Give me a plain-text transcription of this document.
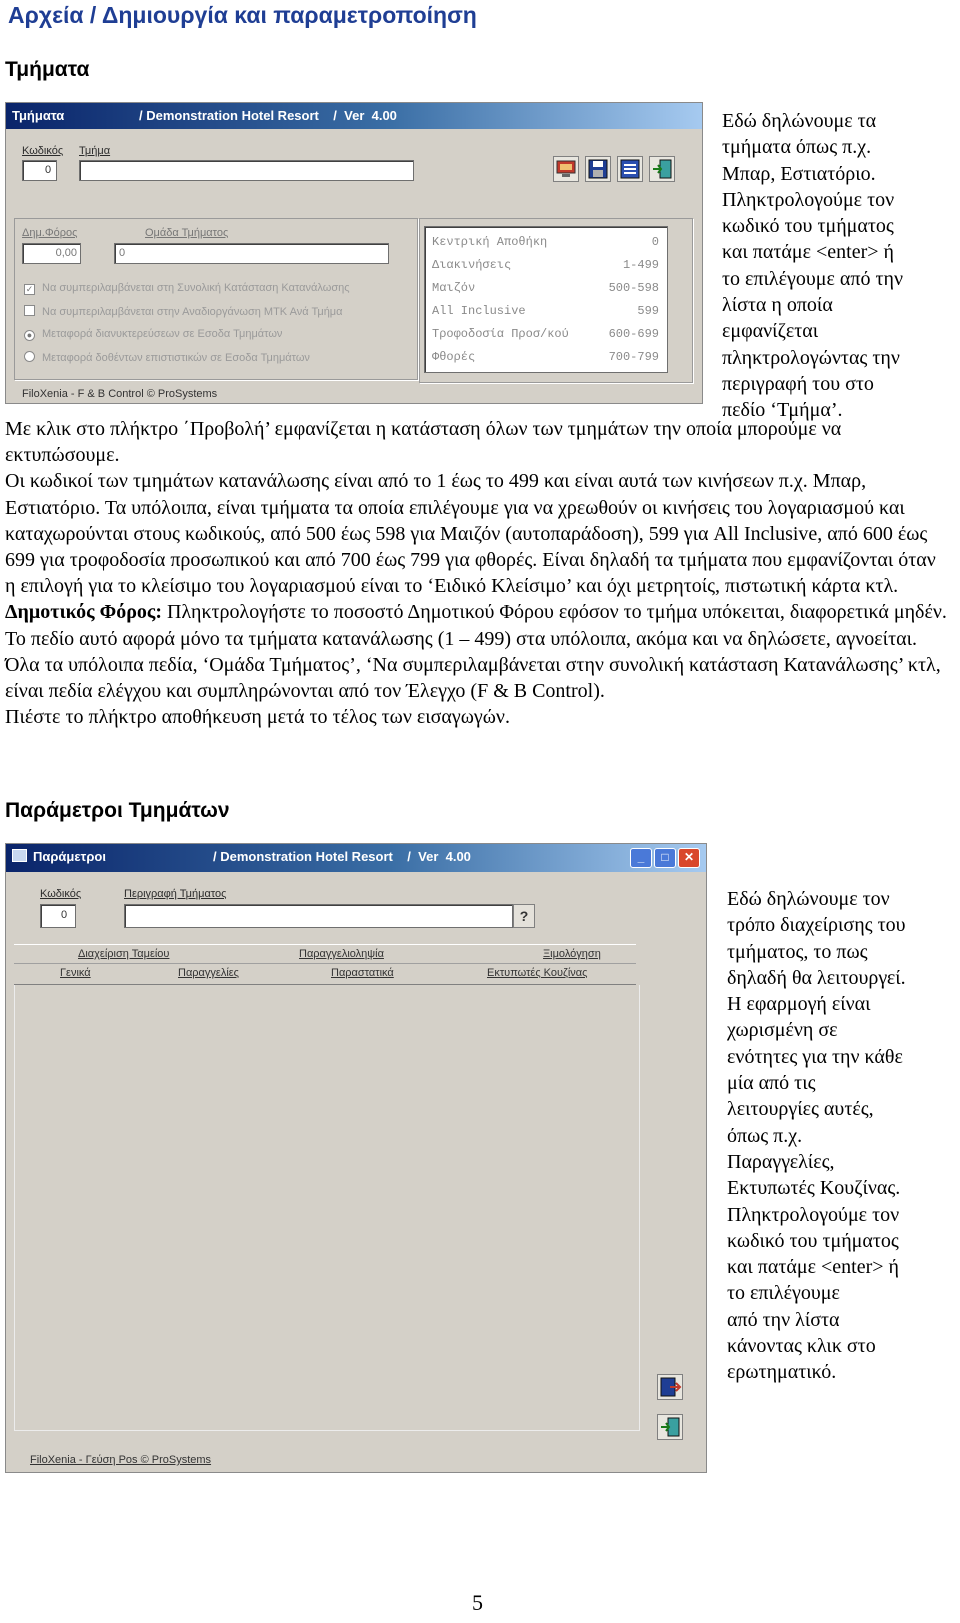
Αρχεία / Δημιουργία και παραμετροποίηση
Τμήματα
Τμήματα	/ Demonstration Hotel Resort    /  Ver  4.00
Κωδικός
0
Τμήμα
Δημ.Φόρος
0,00
Ομάδα Τμήματος
0
✓ Να συμπεριλαμβάνεται στη Συνολική Κατάσταση Κατανάλωσης
Να συμπεριλαμβάνεται στην Αναδιοργάνωση ΜΤΚ Ανά Τμήμα
● Μεταφορά διανυκτερεύσεων σε Εσοδα Τμημάτων
Μεταφορά δοθέντων επιστιστικών σε Εσοδα Τμημάτων
Κεντρική Αποθήκη	0
Διακινήσεις	1-499
Μαιζόν	500-598
All Inclusive	599
Τροφοδοσία Προσ/κού	600-699
Φθορές	700-799
FiloXenia - F & B Control © ProSystems
Εδώ δηλώνουμε τα
τμήματα όπως π.χ.
Μπαρ, Εστιατόριο.
Πληκτρολογούμε τον
κωδικό του τμήματος
και πατάμε <enter> ή
το επιλέγουμε από την
λίστα η οποία
εμφανίζεται
πληκτρολογώντας την
περιγραφή του στο
πεδίο ‘Τμήμα’.

Με κλικ στο πλήκτρο ΄Προβολή’ εμφανίζεται η κατάσταση όλων των τμημάτων την οποία μπορούμε να εκτυπώσουμε.

Οι κωδικοί των τμημάτων κατανάλωσης είναι από το 1 έως το 499 και είναι αυτά των κινήσεων π.χ. Μπαρ, Εστιατόριο. Τα υπόλοιπα, είναι τμήματα τα οποία επιλέγουμε για να χρεωθούν οι κινήσεις του λογαριασμού και καταχωρούνται στους κωδικούς, από 500 έως 598 για Μαιζόν (αυτοπαράδοση), 599 για All Inclusive, από 600 έως 699 για τροφοδοσία προσωπικού και από 700 έως 799 για φθορές. Είναι δηλαδή τα τμήματα που εμφανίζονται όταν η επιλογή για το κλείσιμο του λογαριασμού είναι το ‘Ειδικό Κλείσιμο’ και όχι μετρητοίς, πιστωτική κάρτα κτλ.

Δημοτικός Φόρος: Πληκτρολογήστε το ποσοστό Δημοτικού Φόρου εφόσον το τμήμα υπόκειται, διαφορετικά μηδέν. Το πεδίο αυτό αφορά μόνο τα τμήματα κατανάλωσης (1 – 499) στα υπόλοιπα, ακόμα και να δηλώσετε, αγνοείται.

Όλα τα υπόλοιπα πεδία, ‘Ομάδα Τμήματος’, ‘Να συμπεριλαμβάνεται στην συνολική κατάσταση Κατανάλωσης’ κτλ, είναι πεδία ελέγχου και συμπληρώνονται από τον Έλεγχο (F & B Control).

Πιέστε το πλήκτρο αποθήκευση μετά το τέλος των εισαγωγών.

Παράμετροι Τμημάτων
Παράμετροι	/ Demonstration Hotel Resort    /  Ver  4.00	_	□	✕
Κωδικός
0
Περιγραφή Τμήματος
?
Διαχείριση Ταμείου	Παραγγελιοληψία	Ξιμολόγηση
Γενικά	Παραγγελίες	Παραστατικά	Εκτυπωτές Κουζίνας
FiloXenia - Γεύση Pos © ProSystems
Εδώ δηλώνουμε τον
τρόπο διαχείρισης του
τμήματος, το πως
δηλαδή θα λειτουργεί.
Η εφαρμογή είναι
χωρισμένη σε
ενότητες για την κάθε
μία από τις
λειτουργίες αυτές,
όπως π.χ.
Παραγγελίες,
Εκτυπωτές Κουζίνας.
Πληκτρολογούμε τον
κωδικό του τμήματος
και πατάμε <enter> ή
το επιλέγουμε
από την λίστα
κάνοντας κλικ στο
ερωτηματικό.
5
